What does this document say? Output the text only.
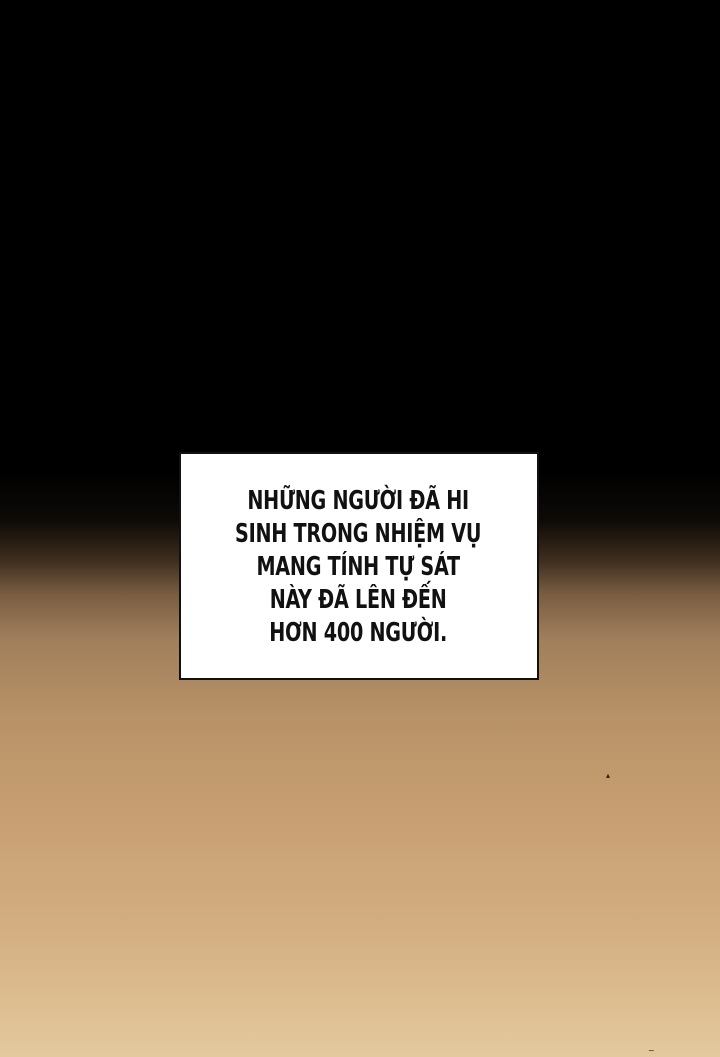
NHỮNG NGƯỜI ĐÃ HI
SINH TRONG NHIỆM VỤ
MANG TÍNH TỰ SÁT
NÀY ĐÃ LÊN ĐẾN
HƠN 400 NGƯỜI.
▴
~
